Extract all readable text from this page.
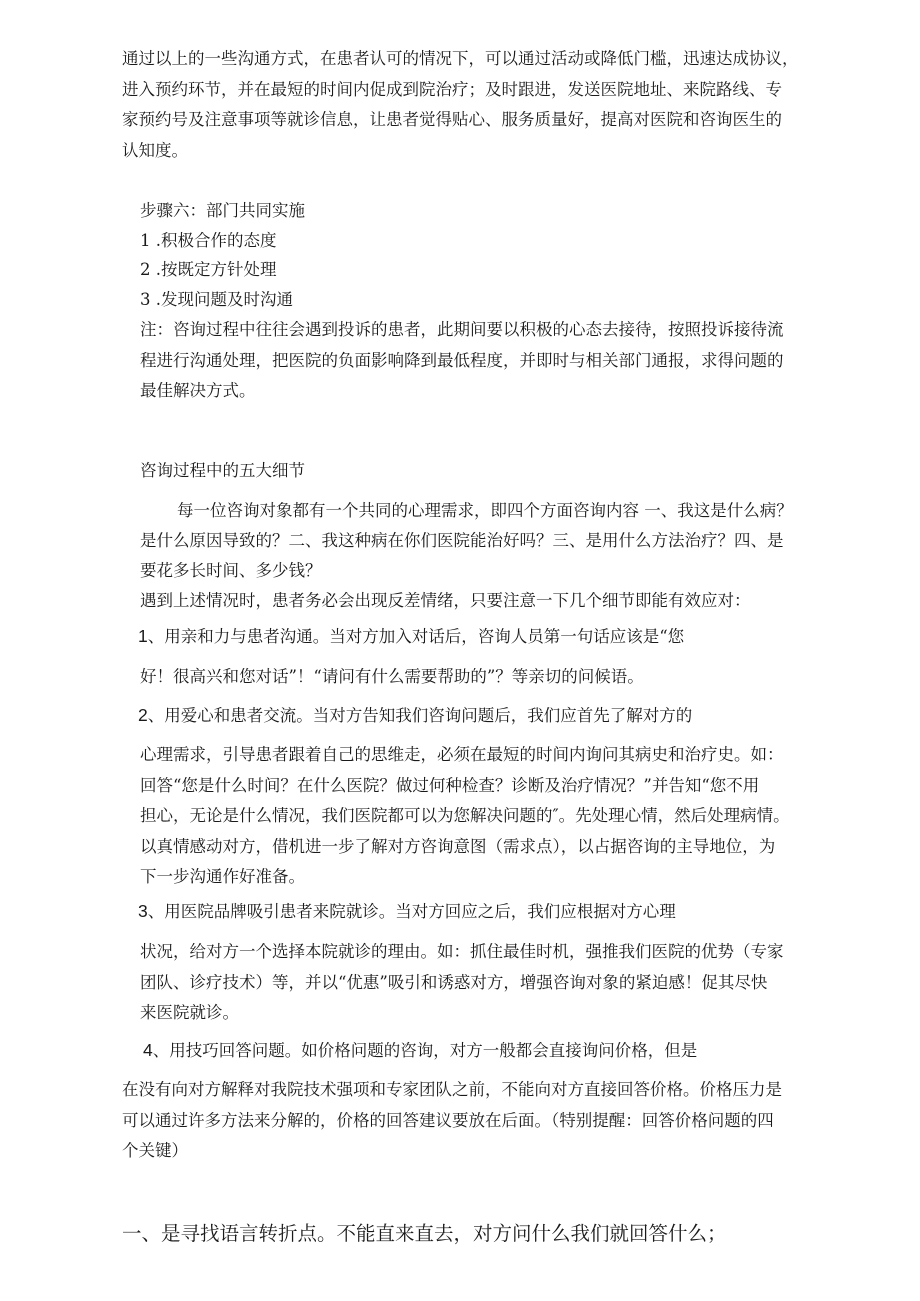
通过以上的一些沟通方式，在患者认可的情况下，可以通过活动或降低门槛，迅速达成协议，
进入预约环节，并在最短的时间内促成到院治疗；及时跟进，发送医院地址、来院路线、专
家预约号及注意事项等就诊信息，让患者觉得贴心、服务质量好，提高对医院和咨询医生的
认知度。
步骤六：部门共同实施
1 .积极合作的态度
2 .按既定方针处理
3 .发现问题及时沟通
注：咨询过程中往往会遇到投诉的患者，此期间要以积极的心态去接待，按照投诉接待流
程进行沟通处理，把医院的负面影响降到最低程度，并即时与相关部门通报，求得问题的
最佳解决方式。
咨询过程中的五大细节
每一位咨询对象都有一个共同的心理需求，即四个方面咨询内容 一、我这是什么病？
是什么原因导致的？二、我这种病在你们医院能治好吗？三、是用什么方法治疗？四、是
要花多长时间、多少钱？
遇到上述情况时，患者务必会出现反差情绪，只要注意一下几个细节即能有效应对：
1、用亲和力与患者沟通。当对方加入对话后，咨询人员第一句话应该是“您
好！很高兴和您对话”！“请问有什么需要帮助的”？等亲切的问候语。
2、用爱心和患者交流。当对方告知我们咨询问题后，我们应首先了解对方的
心理需求，引导患者跟着自己的思维走，必须在最短的时间内询问其病史和治疗史。如：
回答“您是什么时间？在什么医院？做过何种检查？诊断及治疗情况？”并告知“您不用
担心，无论是什么情况，我们医院都可以为您解决问题的″。先处理心情，然后处理病情。
以真情感动对方，借机进一步了解对方咨询意图（需求点），以占据咨询的主导地位，为
下一步沟通作好准备。
3、用医院品牌吸引患者来院就诊。当对方回应之后，我们应根据对方心理
状况，给对方一个选择本院就诊的理由。如：抓住最佳时机，强推我们医院的优势（专家
团队、诊疗技术）等，并以“优惠”吸引和诱惑对方，增强咨询对象的紧迫感！促其尽快
来医院就诊。
4、用技巧回答问题。如价格问题的咨询，对方一般都会直接询问价格，但是
在没有向对方解释对我院技术强项和专家团队之前，不能向对方直接回答价格。价格压力是
可以通过许多方法来分解的，价格的回答建议要放在后面。（特别提醒：回答价格问题的四
个关键）
一、是寻找语言转折点。不能直来直去，对方问什么我们就回答什么；
